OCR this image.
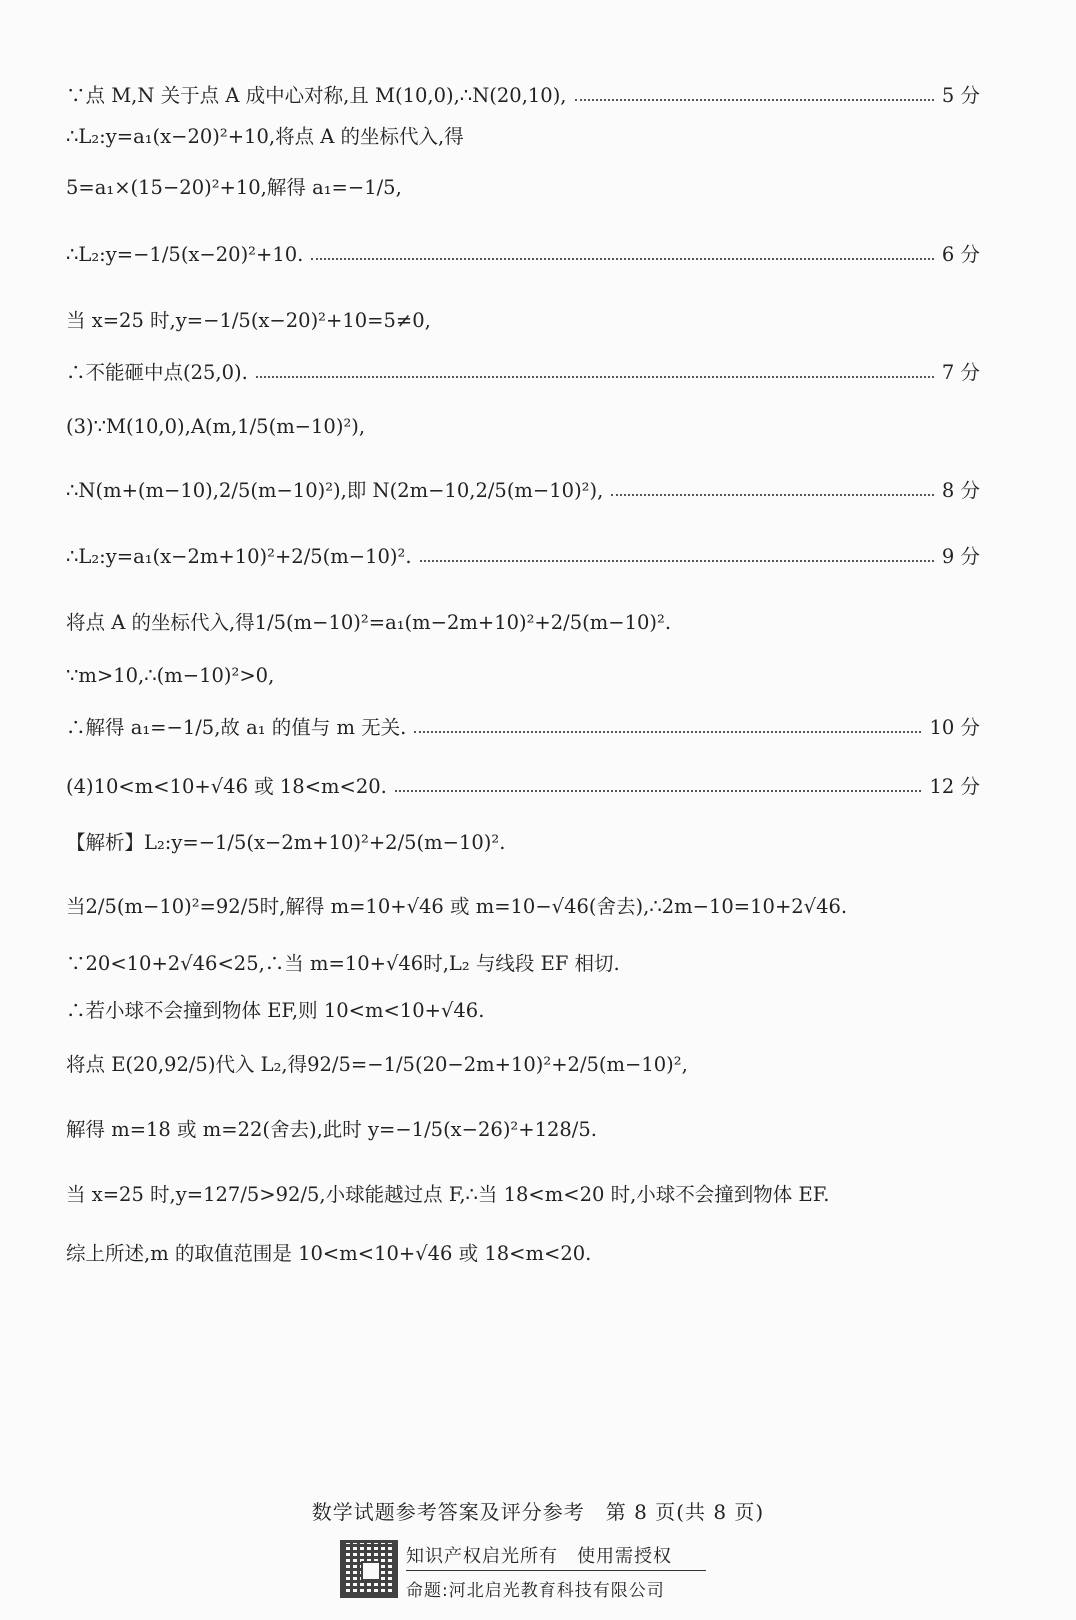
∵点 M,N 关于点 A 成中心对称,且 M(10,0),∴N(20,10),	5 分
∴L₂:y=a₁(x−20)²+10,将点 A 的坐标代入,得
5=a₁×(15−20)²+10,解得 a₁=−1/5,
∴L₂:y=−1/5(x−20)²+10.	6 分
当 x=25 时,y=−1/5(x−20)²+10=5≠0,
∴不能砸中点(25,0).	7 分
(3)∵M(10,0),A(m,1/5(m−10)²),
∴N(m+(m−10),2/5(m−10)²),即 N(2m−10,2/5(m−10)²),	8 分
∴L₂:y=a₁(x−2m+10)²+2/5(m−10)².	9 分
将点 A 的坐标代入,得1/5(m−10)²=a₁(m−2m+10)²+2/5(m−10)².
∵m>10,∴(m−10)²>0,
∴解得 a₁=−1/5,故 a₁ 的值与 m 无关.	10 分
(4)10<m<10+√46 或 18<m<20.	12 分
【解析】L₂:y=−1/5(x−2m+10)²+2/5(m−10)².
当2/5(m−10)²=92/5时,解得 m=10+√46 或 m=10−√46(舍去),∴2m−10=10+2√46.
∵20<10+2√46<25,∴当 m=10+√46时,L₂ 与线段 EF 相切.
∴若小球不会撞到物体 EF,则 10<m<10+√46.
将点 E(20,92/5)代入 L₂,得92/5=−1/5(20−2m+10)²+2/5(m−10)²,
解得 m=18 或 m=22(舍去),此时 y=−1/5(x−26)²+128/5.
当 x=25 时,y=127/5>92/5,小球能越过点 F,∴当 18<m<20 时,小球不会撞到物体 EF.
综上所述,m 的取值范围是 10<m<10+√46 或 18<m<20.
数学试题参考答案及评分参考　第 8 页(共 8 页)
知识产权启光所有　使用需授权
命题:河北启光教育科技有限公司
